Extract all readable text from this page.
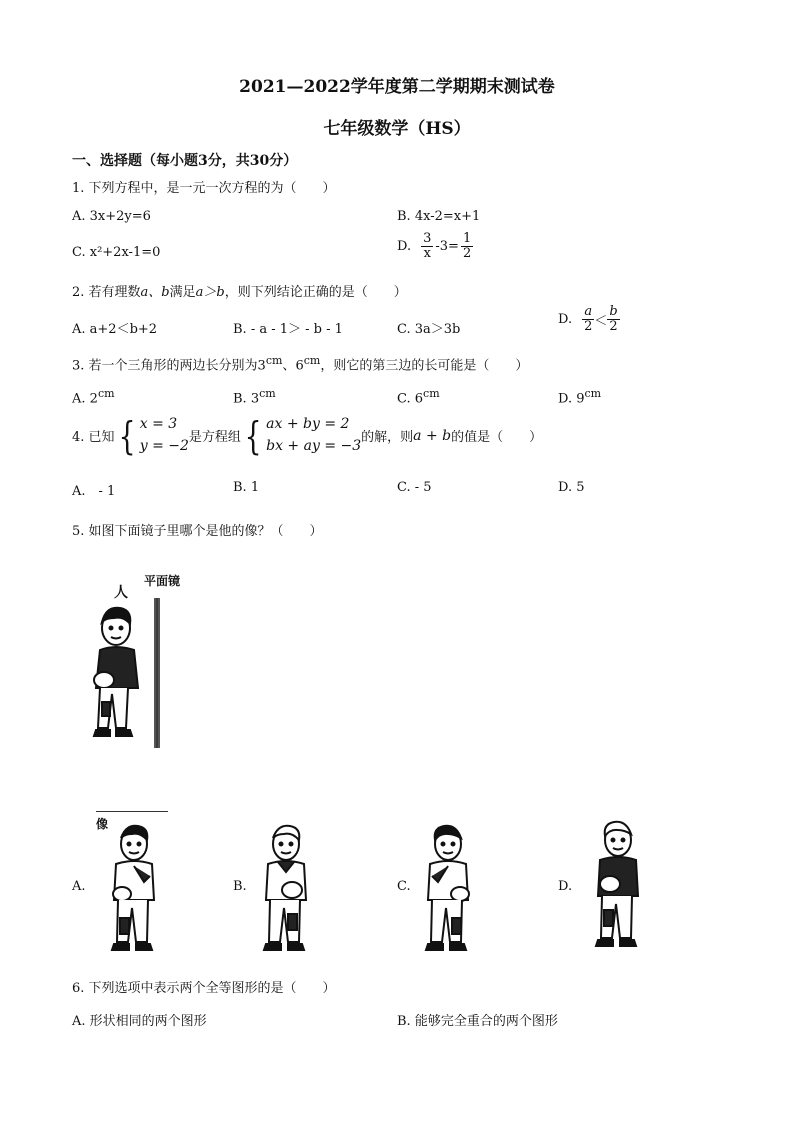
2021—2022学年度第二学期期末测试卷
七年级数学（HS）
一、选择题（每小题3分，共30分）
1. 下列方程中，是一元一次方程的为（　　）
A. 3x+2y=6	B. 4x-2=x+1
C. x²+2x-1=0	D. $\frac{3}{x} -3= \frac{1}{2}$
2. 若有理数a、b满足a＞b，则下列结论正确的是（　　）
A. a+2＜b+2	B. - a - 1＞ - b - 1	C. 3a＞3b
D. $\frac{a}{2} < \frac{b}{2}$
3. 若一个三角形的两边长分别为$3^{cm}$、$6^{cm}$，则它的第三边的长可能是（　　）
A. $2^{cm}$	B. $3^{cm}$	C. $6^{cm}$	D. $9^{cm}$
4. 已知 { x = 3
y = −2 是方程组 { ax + by = 2
bx + ay = −3 的解，则 a + b 的值是（　　）
A.　- 1	B. 1	C. - 5	D. 5
5. 如图下面镜子里哪个是他的像？（　　）
人
平面镜
像
A.	B.	C.	D.
6. 下列选项中表示两个全等图形的是（　　）
A. 形状相同的两个图形	B. 能够完全重合的两个图形
